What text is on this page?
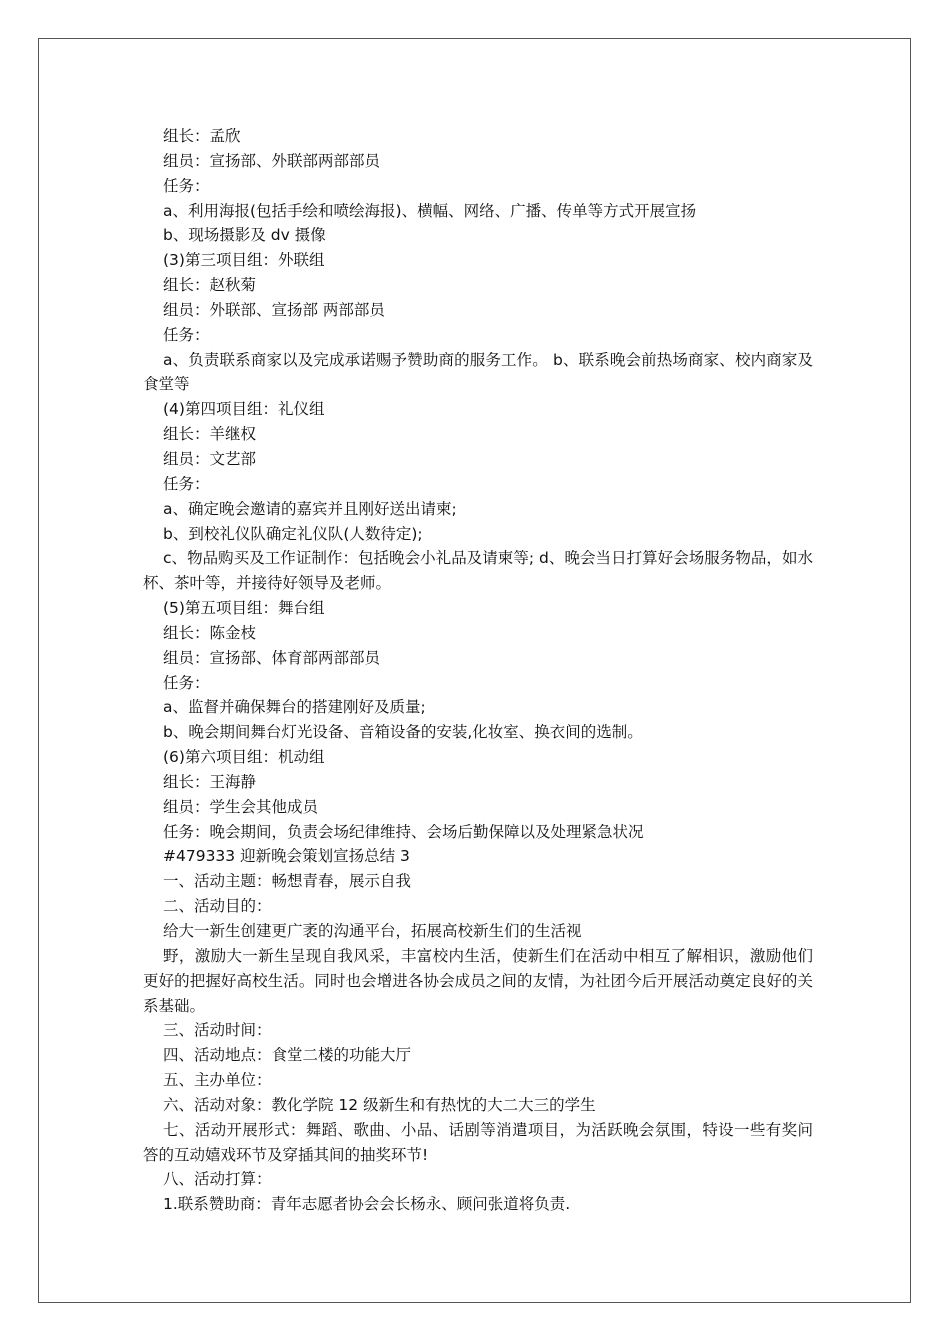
组长：孟欣

组员：宣扬部、外联部两部部员

任务：

a、利用海报(包括手绘和喷绘海报)、横幅、网络、广播、传单等方式开展宣扬

b、现场摄影及 dv 摄像

(3)第三项目组：外联组

组长：赵秋菊

组员：外联部、宣扬部 两部部员

任务：

a、负责联系商家以及完成承诺赐予赞助商的服务工作。 b、联系晚会前热场商家、校内商家及食堂等

(4)第四项目组：礼仪组

组长：羊继权

组员：文艺部

任务：

a、确定晚会邀请的嘉宾并且刚好送出请柬;

b、到校礼仪队确定礼仪队(人数待定);

c、物品购买及工作证制作：包括晚会小礼品及请柬等; d、晚会当日打算好会场服务物品，如水杯、茶叶等，并接待好领导及老师。

(5)第五项目组：舞台组

组长：陈金枝

组员：宣扬部、体育部两部部员

任务：

a、监督并确保舞台的搭建刚好及质量;

b、晚会期间舞台灯光设备、音箱设备的安装,化妆室、换衣间的选制。

(6)第六项目组：机动组

组长：王海静

组员：学生会其他成员

任务：晚会期间，负责会场纪律维持、会场后勤保障以及处理紧急状况

#479333 迎新晚会策划宣扬总结 3

一、活动主题：畅想青春，展示自我

二、活动目的：

给大一新生创建更广袤的沟通平台，拓展高校新生们的生活视

野，激励大一新生呈现自我风采，丰富校内生活，使新生们在活动中相互了解相识，激励他们更好的把握好高校生活。同时也会增进各协会成员之间的友情，为社团今后开展活动奠定良好的关系基础。

三、活动时间：

四、活动地点：食堂二楼的功能大厅

五、主办单位：

六、活动对象：教化学院 12 级新生和有热忱的大二大三的学生

七、活动开展形式：舞蹈、歌曲、小品、话剧等消遣项目，为活跃晚会氛围，特设一些有奖问答的互动嬉戏环节及穿插其间的抽奖环节!

八、活动打算：

1.联系赞助商：青年志愿者协会会长杨永、顾问张道将负责.
